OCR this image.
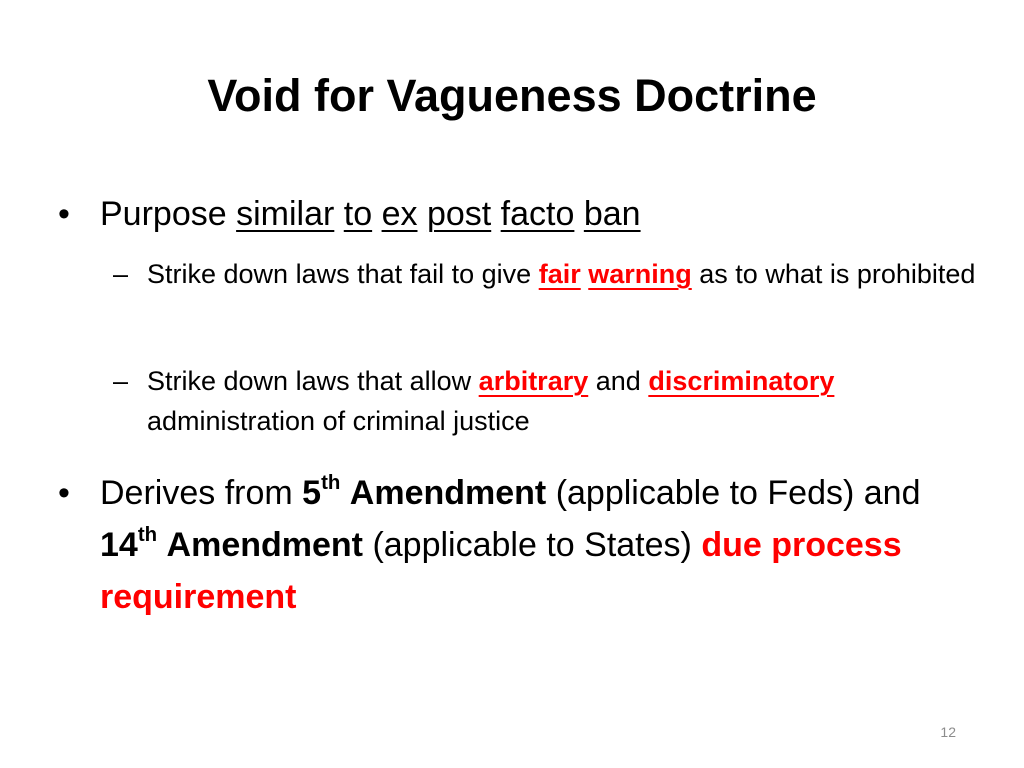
Void for Vagueness Doctrine
• Purpose similar to ex post facto ban
– Strike down laws that fail to give fair warning as to what is prohibited
– Strike down laws that allow arbitrary and discriminatory administration of criminal justice
• Derives from 5th Amendment (applicable to Feds) and 14th Amendment (applicable to States) due process requirement
12
